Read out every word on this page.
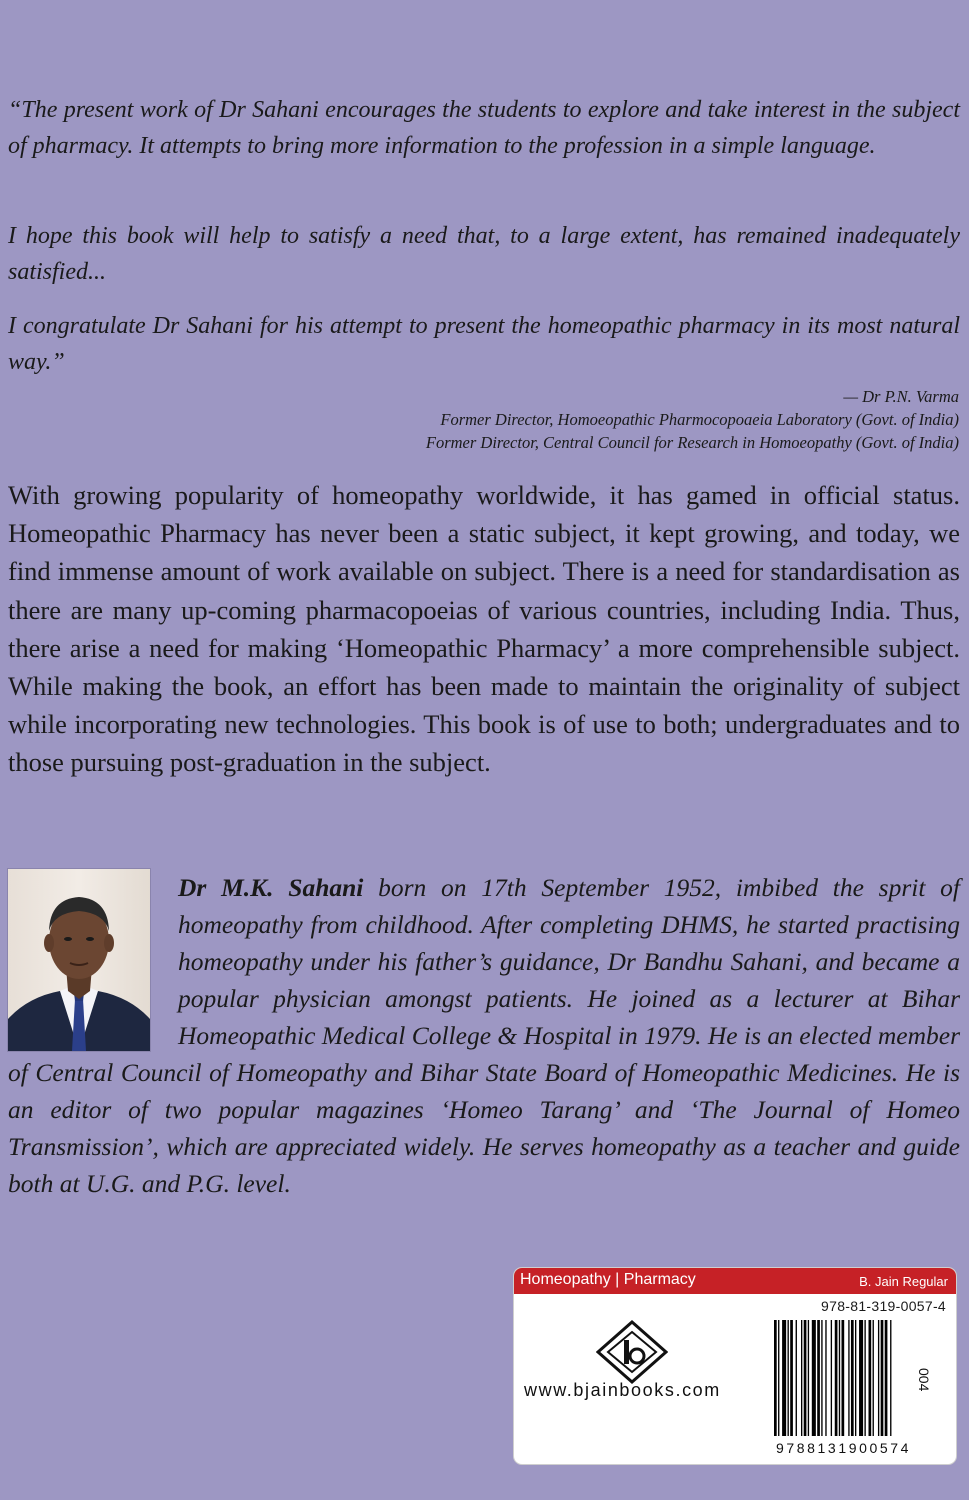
“The present work of Dr Sahani encourages the students to explore and take interest in the subject of pharmacy. It attempts to bring more information to the profession in a simple language.

I hope this book will help to satisfy a need that, to a large extent, has remained inadequately satisfied...

I congratulate Dr Sahani for his attempt to present the homeopathic pharmacy in its most natural way.”

— Dr P.N. Varma
Former Director, Homoeopathic Pharmocopoaeia Laboratory (Govt. of India)
Former Director, Central Council for Research in Homoeopathy (Govt. of India)

With growing popularity of homeopathy worldwide, it has gamed in official status. Homeopathic Pharmacy has never been a static subject, it kept growing, and today, we find immense amount of work available on subject. There is a need for standardisation as there are many up-coming pharmacopoeias of various countries, including India. Thus, there arise a need for making ‘Homeopathic Pharmacy’ a more comprehensible subject. While making the book, an effort has been made to maintain the originality of subject while incorporating new technologies. This book is of use to both; undergraduates and to those pursuing post-graduation in the subject.

Dr M.K. Sahani born on 17th September 1952, imbibed the sprit of homeopathy from childhood. After completing DHMS, he started practising homeopathy under his father’s guidance, Dr Bandhu Sahani, and became a popular physician amongst patients. He joined as a lecturer at Bihar Homeopathic Medical College & Hospital in 1979. He is an elected member of Central Council of Homeopathy and Bihar State Board of Homeopathic Medicines. He is an editor of two popular magazines ‘Homeo Tarang’ and ‘The Journal of Homeo Transmission’, which are appreciated widely. He serves homeopathy as a teacher and guide both at U.G. and P.G. level.

Homeopathy | Pharmacy	B. Jain Regular
978-81-319-0057-4
www.bjainbooks.com
9788131900574
004
